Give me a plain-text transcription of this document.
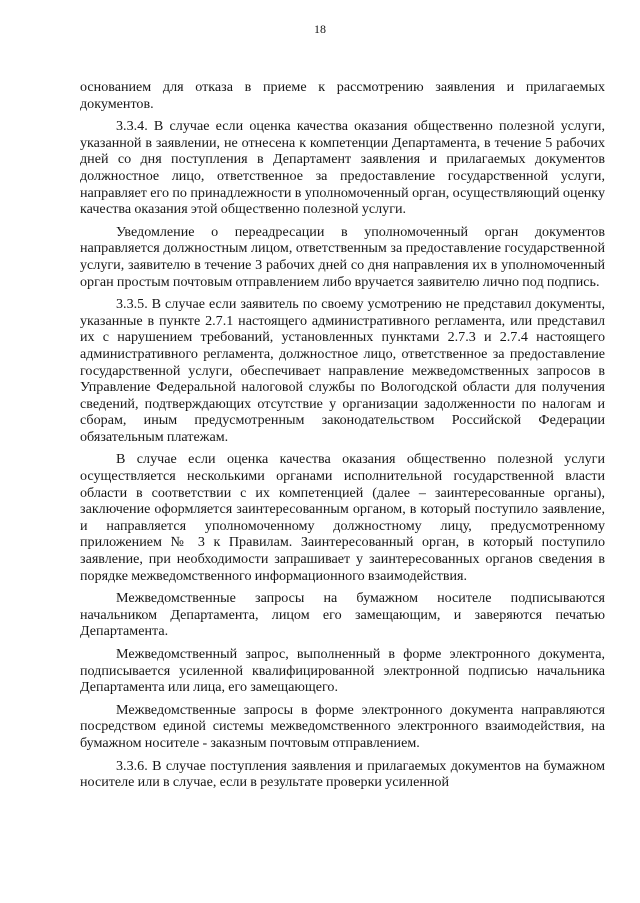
18

основанием для отказа в приеме к рассмотрению заявления и прилагаемых документов.

3.3.4. В случае если оценка качества оказания общественно полезной услуги, указанной в заявлении, не отнесена к компетенции Департамента, в течение 5 рабочих дней со дня поступления в Департамент заявления и прилагаемых документов должностное лицо, ответственное за предоставление государственной услуги, направляет его по принадлежности в уполномоченный орган, осуществляющий оценку качества оказания этой общественно полезной услуги.

Уведомление о переадресации в уполномоченный орган документов направляется должностным лицом, ответственным за предоставление государственной услуги, заявителю в течение 3 рабочих дней со дня направления их в уполномоченный орган простым почтовым отправлением либо вручается заявителю лично под подпись.

3.3.5. В случае если заявитель по своему усмотрению не представил документы, указанные в пункте 2.7.1 настоящего административного регламента, или представил их с нарушением требований, установленных пунктами 2.7.3 и 2.7.4 настоящего административного регламента, должностное лицо, ответственное за предоставление государственной услуги, обеспечивает направление межведомственных запросов в Управление Федеральной налоговой службы по Вологодской области для получения сведений, подтверждающих отсутствие у организации задолженности по налогам и сборам, иным предусмотренным законодательством Российской Федерации обязательным платежам.

В случае если оценка качества оказания общественно полезной услуги осуществляется несколькими органами исполнительной государственной власти области в соответствии с их компетенцией (далее – заинтересованные органы), заключение оформляется заинтересованным органом, в который поступило заявление, и направляется уполномоченному должностному лицу, предусмотренному приложением № 3 к Правилам. Заинтересованный орган, в который поступило заявление, при необходимости запрашивает у заинтересованных органов сведения в порядке межведомственного информационного взаимодействия.

Межведомственные запросы на бумажном носителе подписываются начальником Департамента, лицом его замещающим, и заверяются печатью Департамента.

Межведомственный запрос, выполненный в форме электронного документа, подписывается усиленной квалифицированной электронной подписью начальника Департамента или лица, его замещающего.

Межведомственные запросы в форме электронного документа направляются посредством единой системы межведомственного электронного взаимодействия, на бумажном носителе - заказным почтовым отправлением.

3.3.6. В случае поступления заявления и прилагаемых документов на бумажном носителе или в случае, если в результате проверки усиленной
